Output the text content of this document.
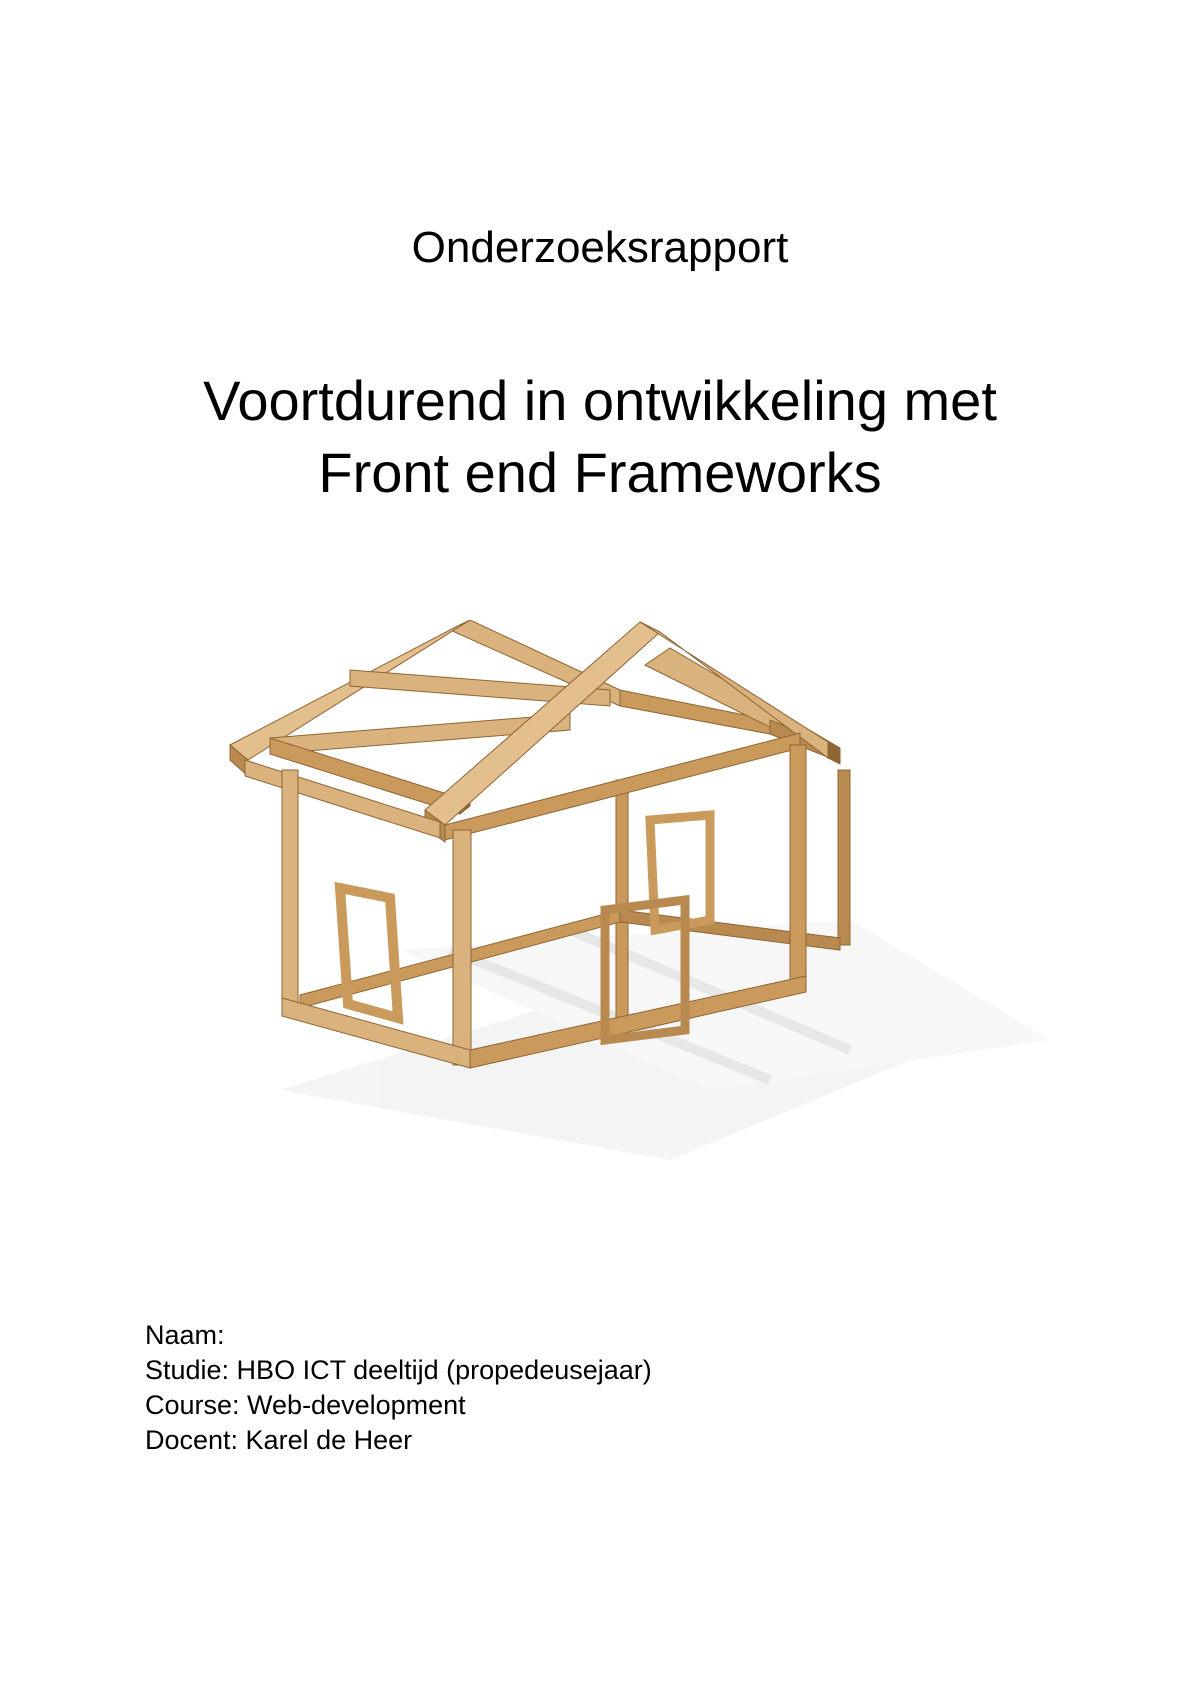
Onderzoeksrapport
Voortdurend in ontwikkeling met
Front end Frameworks
Naam:
Studie: HBO ICT deeltijd (propedeusejaar)
Course: Web-development
Docent: Karel de Heer
